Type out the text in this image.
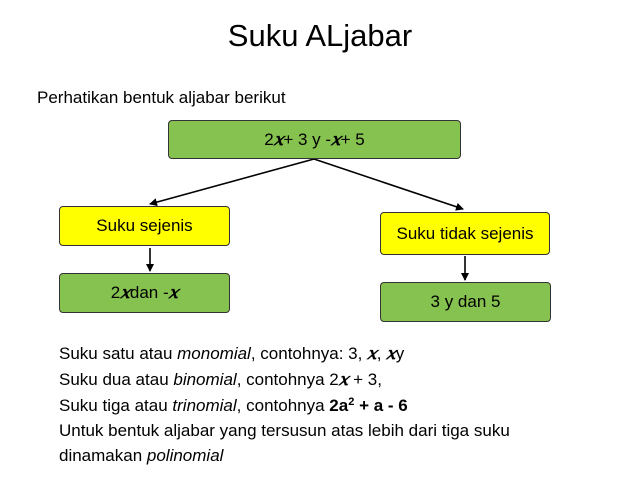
Suku ALjabar
Perhatikan bentuk aljabar berikut
2 𝑥 + 3 y - 𝑥 + 5
Suku sejenis	Suku tidak sejenis
2 𝑥 dan - 𝑥	3 y dan 5

Suku satu atau monomial, contohnya: 3, 𝑥, 𝑥y

Suku dua atau binomial, contohnya 2𝑥 + 3,

Suku tiga atau trinomial, contohnya $2a^2 + a - 6$

Untuk bentuk aljabar yang tersusun atas lebih dari tiga suku

dinamakan polinomial
